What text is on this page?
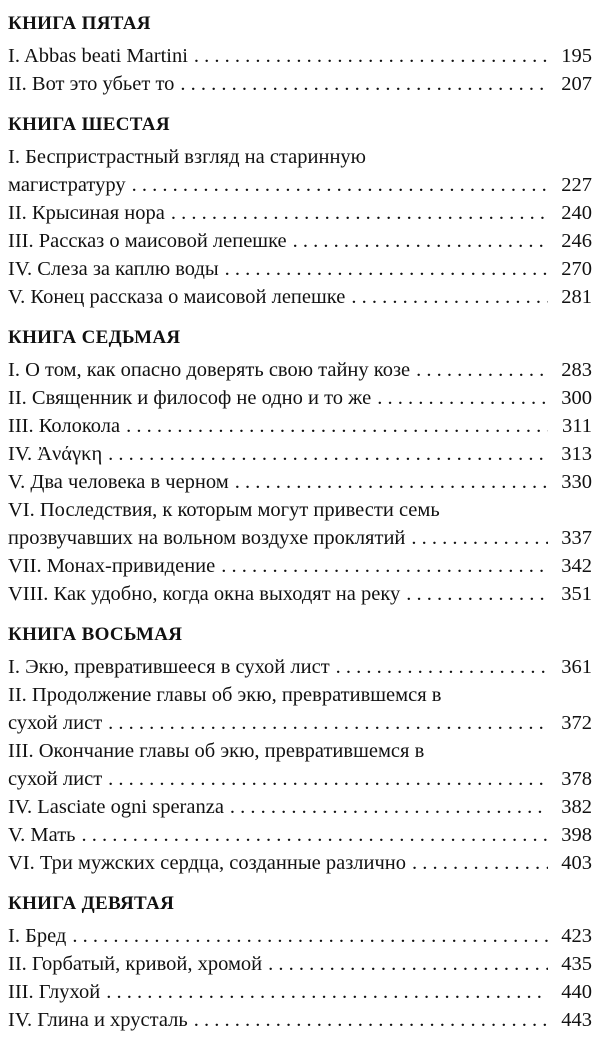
КНИГА ПЯТАЯ
I. Abbas beati Martini . . .	195
II. Вот это убьет то . . .	207
КНИГА ШЕСТАЯ
I. Беспристрастный взгляд на старинную
магистратуру . . .	227
II. Крысиная нора . . .	240
III. Рассказ о маисовой лепешке . . .	246
IV. Слеза за каплю воды . . .	270
V. Конец рассказа о маисовой лепешке . . .	281
КНИГА СЕДЬМАЯ
I. О том, как опасно доверять свою тайну козе . . .	283
II. Священник и философ не одно и то же . . .	300
III. Колокола . . .	311
IV. Ἀνάγκη . . .	313
V. Два человека в черном . . .	330
VI. Последствия, к которым могут привести семь
прозвучавших на вольном воздухе проклятий . . .	337
VII. Монах-привидение . . .	342
VIII. Как удобно, когда окна выходят на реку . . .	351
КНИГА ВОСЬМАЯ
I. Экю, превратившееся в сухой лист . . .	361
II. Продолжение главы об экю, превратившемся в
сухой лист . . .	372
III. Окончание главы об экю, превратившемся в
сухой лист . . .	378
IV. Lasciate ogni speranza . . .	382
V. Мать . . .	398
VI. Три мужских сердца, созданные различно . . .	403
КНИГА ДЕВЯТАЯ
I. Бред . . .	423
II. Горбатый, кривой, хромой . . .	435
III. Глухой . . .	440
IV. Глина и хрусталь . . .	443
